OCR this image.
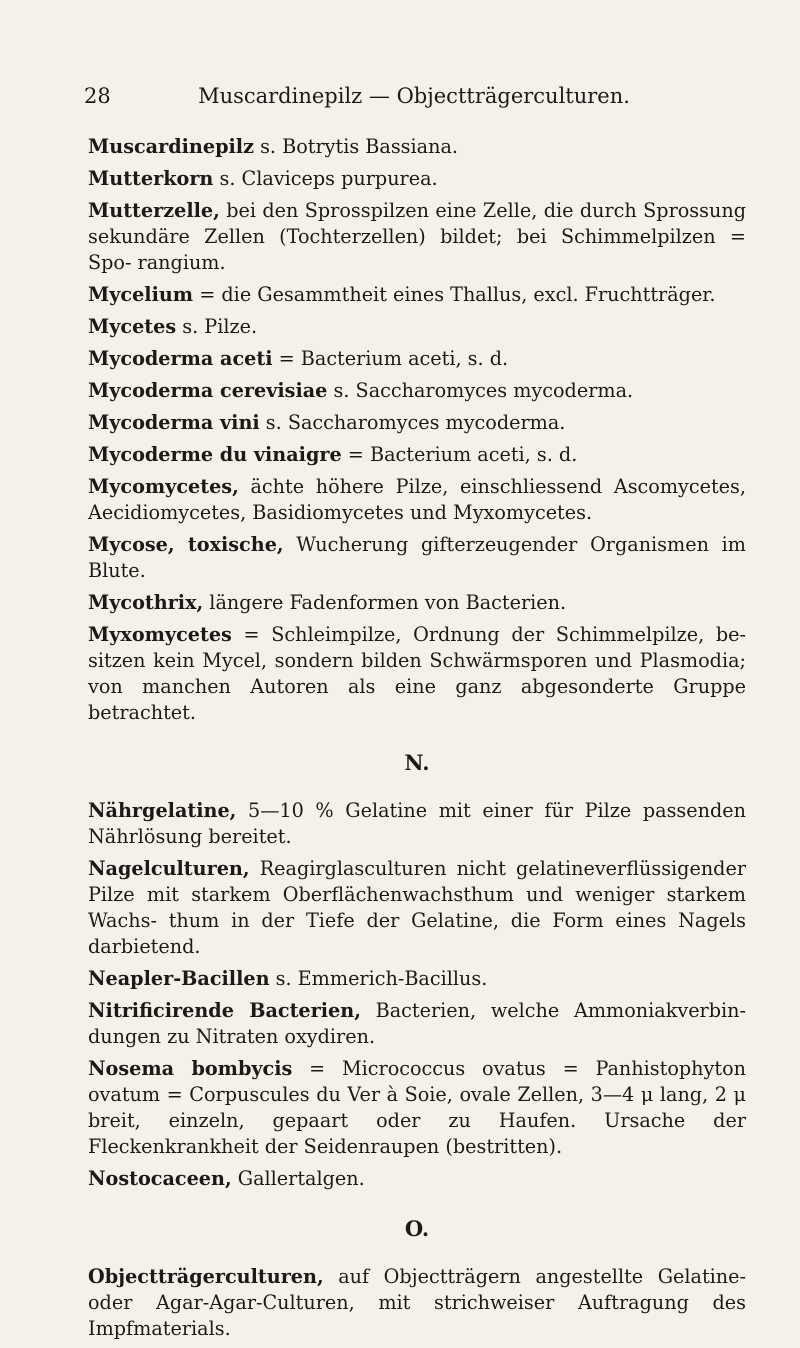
28	Muscardinepilz — Objectträgerculturen.

Muscardinepilz s. Botrytis Bassiana.

Mutterkorn s. Claviceps purpurea.

Mutterzelle, bei den Sprosspilzen eine Zelle, die durch Sprossung sekundäre Zellen (Tochterzellen) bildet; bei Schimmelpilzen = Spo- rangium.

Mycelium = die Gesammtheit eines Thallus, excl. Fruchtträger.

Mycetes s. Pilze.

Mycoderma aceti = Bacterium aceti, s. d.

Mycoderma cerevisiae s. Saccharomyces mycoderma.

Mycoderma vini s. Saccharomyces mycoderma.

Mycoderme du vinaigre = Bacterium aceti, s. d.

Mycomycetes, ächte höhere Pilze, einschliessend Ascomycetes, Aecidiomycetes, Basidiomycetes und Myxomycetes.

Mycose, toxische, Wucherung gifterzeugender Organismen im Blute.

Mycothrix, längere Fadenformen von Bacterien.

Myxomycetes = Schleimpilze, Ordnung der Schimmelpilze, be- sitzen kein Mycel, sondern bilden Schwärmsporen und Plasmodia; von manchen Autoren als eine ganz abgesonderte Gruppe betrachtet.

N.

Nährgelatine, 5—10 % Gelatine mit einer für Pilze passenden Nährlösung bereitet.

Nagelculturen, Reagirglasculturen nicht gelatineverflüssigender Pilze mit starkem Oberflächenwachsthum und weniger starkem Wachs- thum in der Tiefe der Gelatine, die Form eines Nagels darbietend.

Neapler-Bacillen s. Emmerich-Bacillus.

Nitrificirende Bacterien, Bacterien, welche Ammoniakverbin- dungen zu Nitraten oxydiren.

Nosema bombycis = Micrococcus ovatus = Panhistophyton ovatum = Corpuscules du Ver à Soie, ovale Zellen, 3—4 μ lang, 2 μ breit, einzeln, gepaart oder zu Haufen. Ursache der Fleckenkrankheit der Seidenraupen (bestritten).

Nostocaceen, Gallertalgen.

O.

Objectträgerculturen, auf Objectträgern angestellte Gelatine- oder Agar-Agar-Culturen, mit strichweiser Auftragung des Impfmaterials.
